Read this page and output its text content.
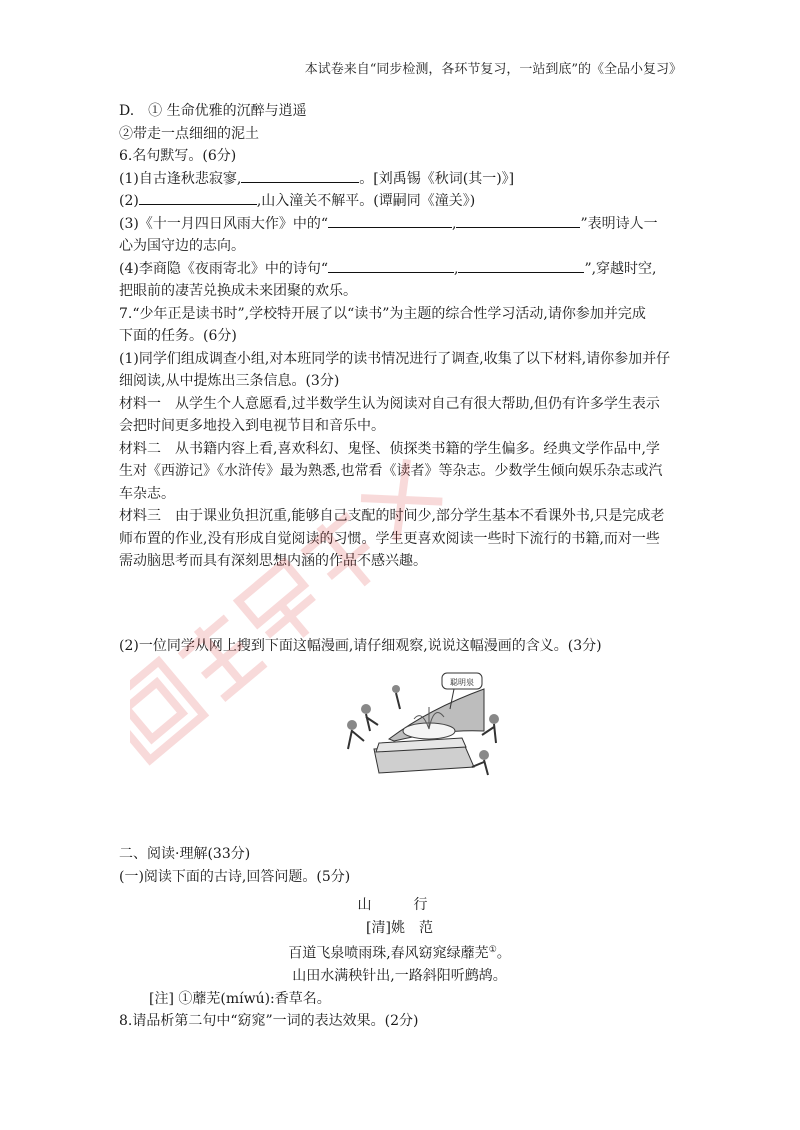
本试卷来自“同步检测，各环节复习，一站到底”的《全品小复习》

D.　① 生命优雅的沉醉与逍遥

②带走一点细细的泥土

6.名句默写。(6分)

(1)自古逢秋悲寂寥,	。[刘禹锡《秋词(其一)》]

(2)	,山入潼关不解平。(谭嗣同《潼关》)

(3)《十一月四日风雨大作》中的“	,	”表明诗人一

心为国守边的志向。

(4)李商隐《夜雨寄北》中的诗句“	,	”,穿越时空,

把眼前的凄苦兑换成未来团聚的欢乐。

7.“少年正是读书时”,学校特开展了以“读书”为主题的综合性学习活动,请你参加并完成

下面的任务。(6分)

(1)同学们组成调查小组,对本班同学的读书情况进行了调查,收集了以下材料,请你参加并仔

细阅读,从中提炼出三条信息。(3分)

材料一　从学生个人意愿看,过半数学生认为阅读对自己有很大帮助,但仍有许多学生表示

会把时间更多地投入到电视节目和音乐中。

材料二　从书籍内容上看,喜欢科幻、鬼怪、侦探类书籍的学生偏多。经典文学作品中,学

生对《西游记》《水浒传》最为熟悉,也常看《读者》等杂志。少数学生倾向娱乐杂志或汽

车杂志。

材料三　由于课业负担沉重,能够自己支配的时间少,部分学生基本不看课外书,只是完成老

师布置的作业,没有形成自觉阅读的习惯。学生更喜欢阅读一些时下流行的书籍,而对一些

需动脑思考而具有深刻思想内涵的作品不感兴趣。

(2)一位同学从网上搜到下面这幅漫画,请仔细观察,说说这幅漫画的含义。(3分)

聪明泉

二、阅读·理解(33分)

(一)阅读下面的古诗,回答问题。(5分)

山　行

[清]姚　范

百道飞泉喷雨珠,春风窈窕绿蘼芜①。

山田水满秧针出,一路斜阳听鹧鸪。

[注] ①蘼芜(míwú):香草名。

8.请品析第二句中“窈窕”一词的表达效果。(2分)
